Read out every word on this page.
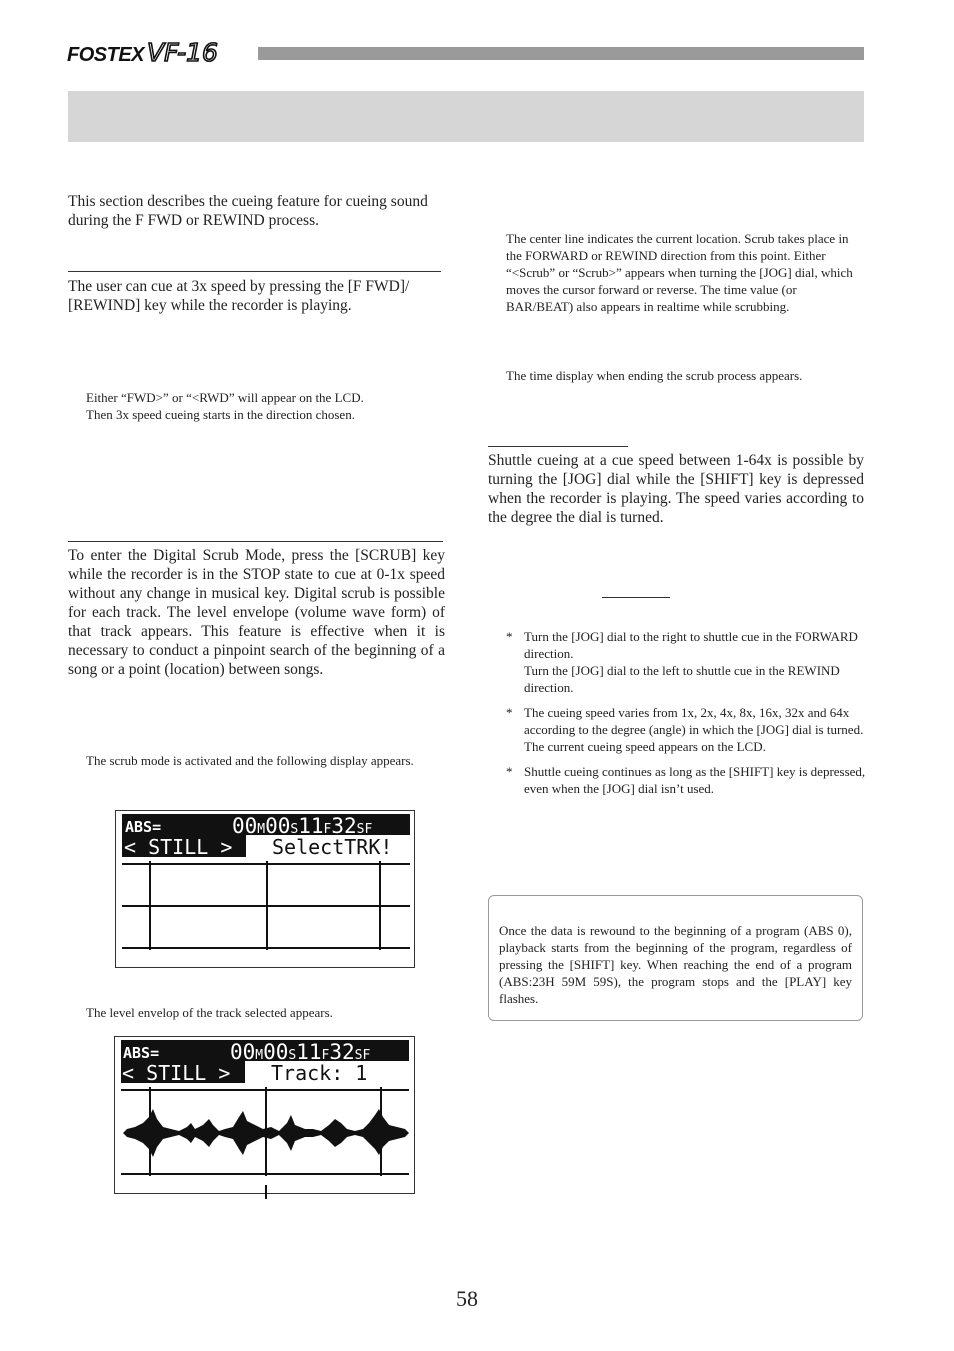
FOSTEX VF-16
This section describes the cueing feature for cueing sound during the F FWD or REWIND process.
The user can cue at 3x speed by pressing the [F FWD]/ [REWIND] key while the recorder is playing.
Either “FWD>” or “<RWD” will appear on the LCD.
Then 3x speed cueing starts in the direction chosen.
To enter the Digital Scrub Mode, press the [SCRUB] key while the recorder is in the STOP state to cue at 0-1x speed without any change in musical key. Digital scrub is possible for each track. The level envelope (volume wave form) of that track appears. This feature is effective when it is necessary to conduct a pinpoint search of the beginning of a song or a point (location) between songs.
The scrub mode is activated and the following display appears.
ABS=	00M00S11F32SF
< STILL > SelectTRK!
The level envelop of the track selected appears.
ABS=	00M00S11F32SF
< STILL > Track: 1
The center line indicates the current location. Scrub takes place in the FORWARD or REWIND direction from this point. Either “<Scrub” or “Scrub>” appears when turning the [JOG] dial, which moves the cursor forward or reverse. The time value (or BAR/BEAT) also appears in realtime while scrubbing.
The time display when ending the scrub process appears.
Shuttle cueing at a cue speed between 1-64x is possible by turning the [JOG] dial while the [SHIFT] key is depressed when the recorder is playing. The speed varies according to the degree the dial is turned.
* Turn the [JOG] dial to the right to shuttle cue in the FORWARD direction.
Turn the [JOG] dial to the left to shuttle cue in the REWIND direction.
* The cueing speed varies from 1x, 2x, 4x, 8x, 16x, 32x and 64x according to the degree (angle) in which the [JOG] dial is turned. The current cueing speed appears on the LCD.
* Shuttle cueing continues as long as the [SHIFT] key is depressed, even when the [JOG] dial isn’t used.
Once the data is rewound to the beginning of a program (ABS 0), playback starts from the beginning of the program, regardless of pressing the [SHIFT] key. When reaching the end of a program (ABS:23H 59M 59S), the program stops and the [PLAY] key flashes.
58
